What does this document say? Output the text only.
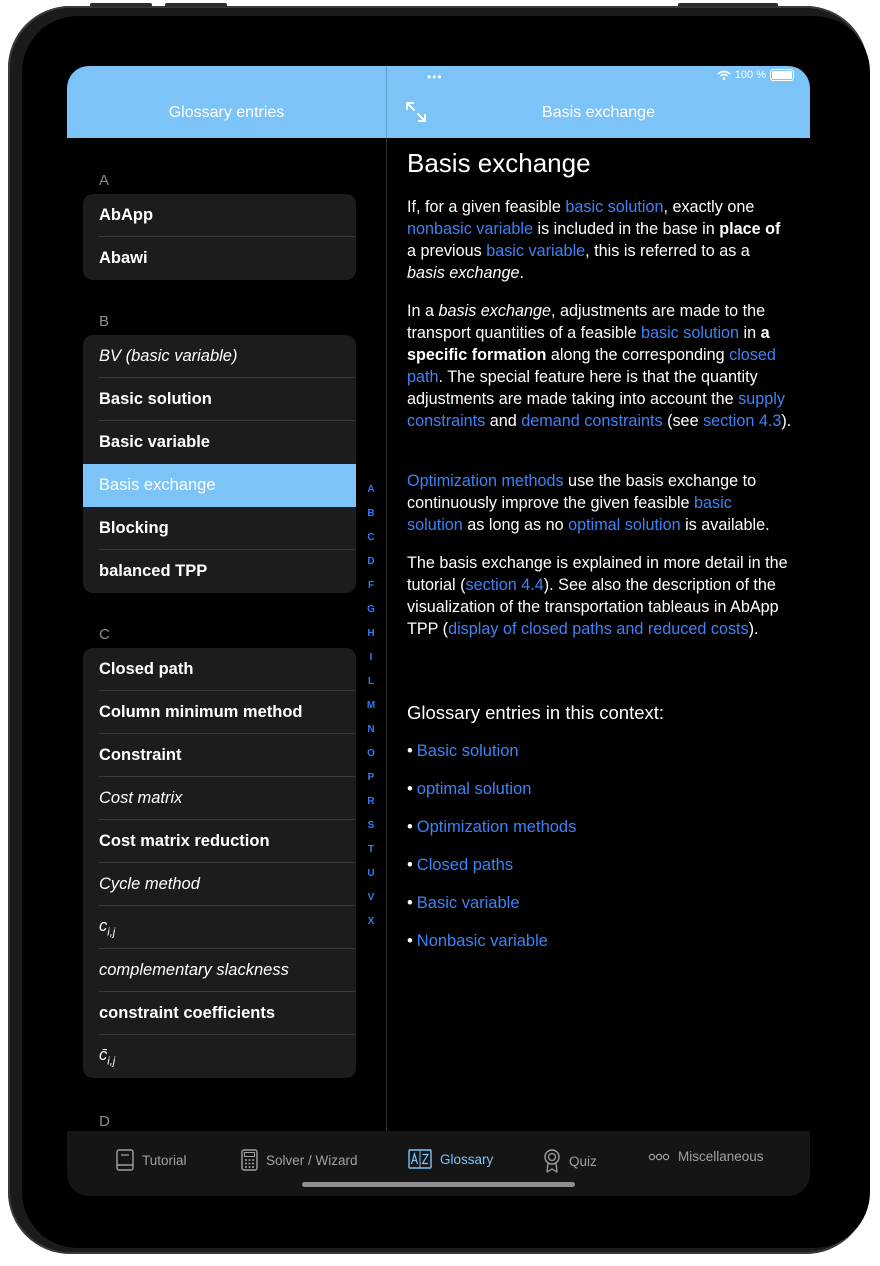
•••	100 %
Glossary entries	Basis exchange
A
AbApp
Abawi
B
BV (basic variable)
Basic solution
Basic variable
Basis exchange
Blocking
balanced TPP
C
Closed path
Column minimum method
Constraint
Cost matrix
Cost matrix reduction
Cycle method
$c_{i,j}$
complementary slackness
constraint coefficients
$c̄_{i,j}$
D
A
B
C
D
F
G
H
I
L
M
N
O
P
R
S
T
U
V
X
Basis exchange

If, for a given feasible basic solution, exactly one nonbasic variable is included in the base in place of a previous basic variable, this is referred to as a basis exchange.

In a basis exchange, adjustments are made to the transport quantities of a feasible basic solution in a specific formation along the corresponding closed path. The special feature here is that the quantity adjustments are made taking into account the supply constraints and demand constraints (see section 4.3).

Optimization methods use the basis exchange to continuously improve the given feasible basic solution as long as no optimal solution is available.

The basis exchange is explained in more detail in the tutorial (section 4.4). See also the description of the visualization of the transportation tableaus in AbApp TPP (display of closed paths and reduced costs).

Glossary entries in this context:
• Basic solution
• optimal solution
• Optimization methods
• Closed paths
• Basic variable
• Nonbasic variable
Tutorial	Solver / Wizard	Glossary	Quiz	Miscellaneous
